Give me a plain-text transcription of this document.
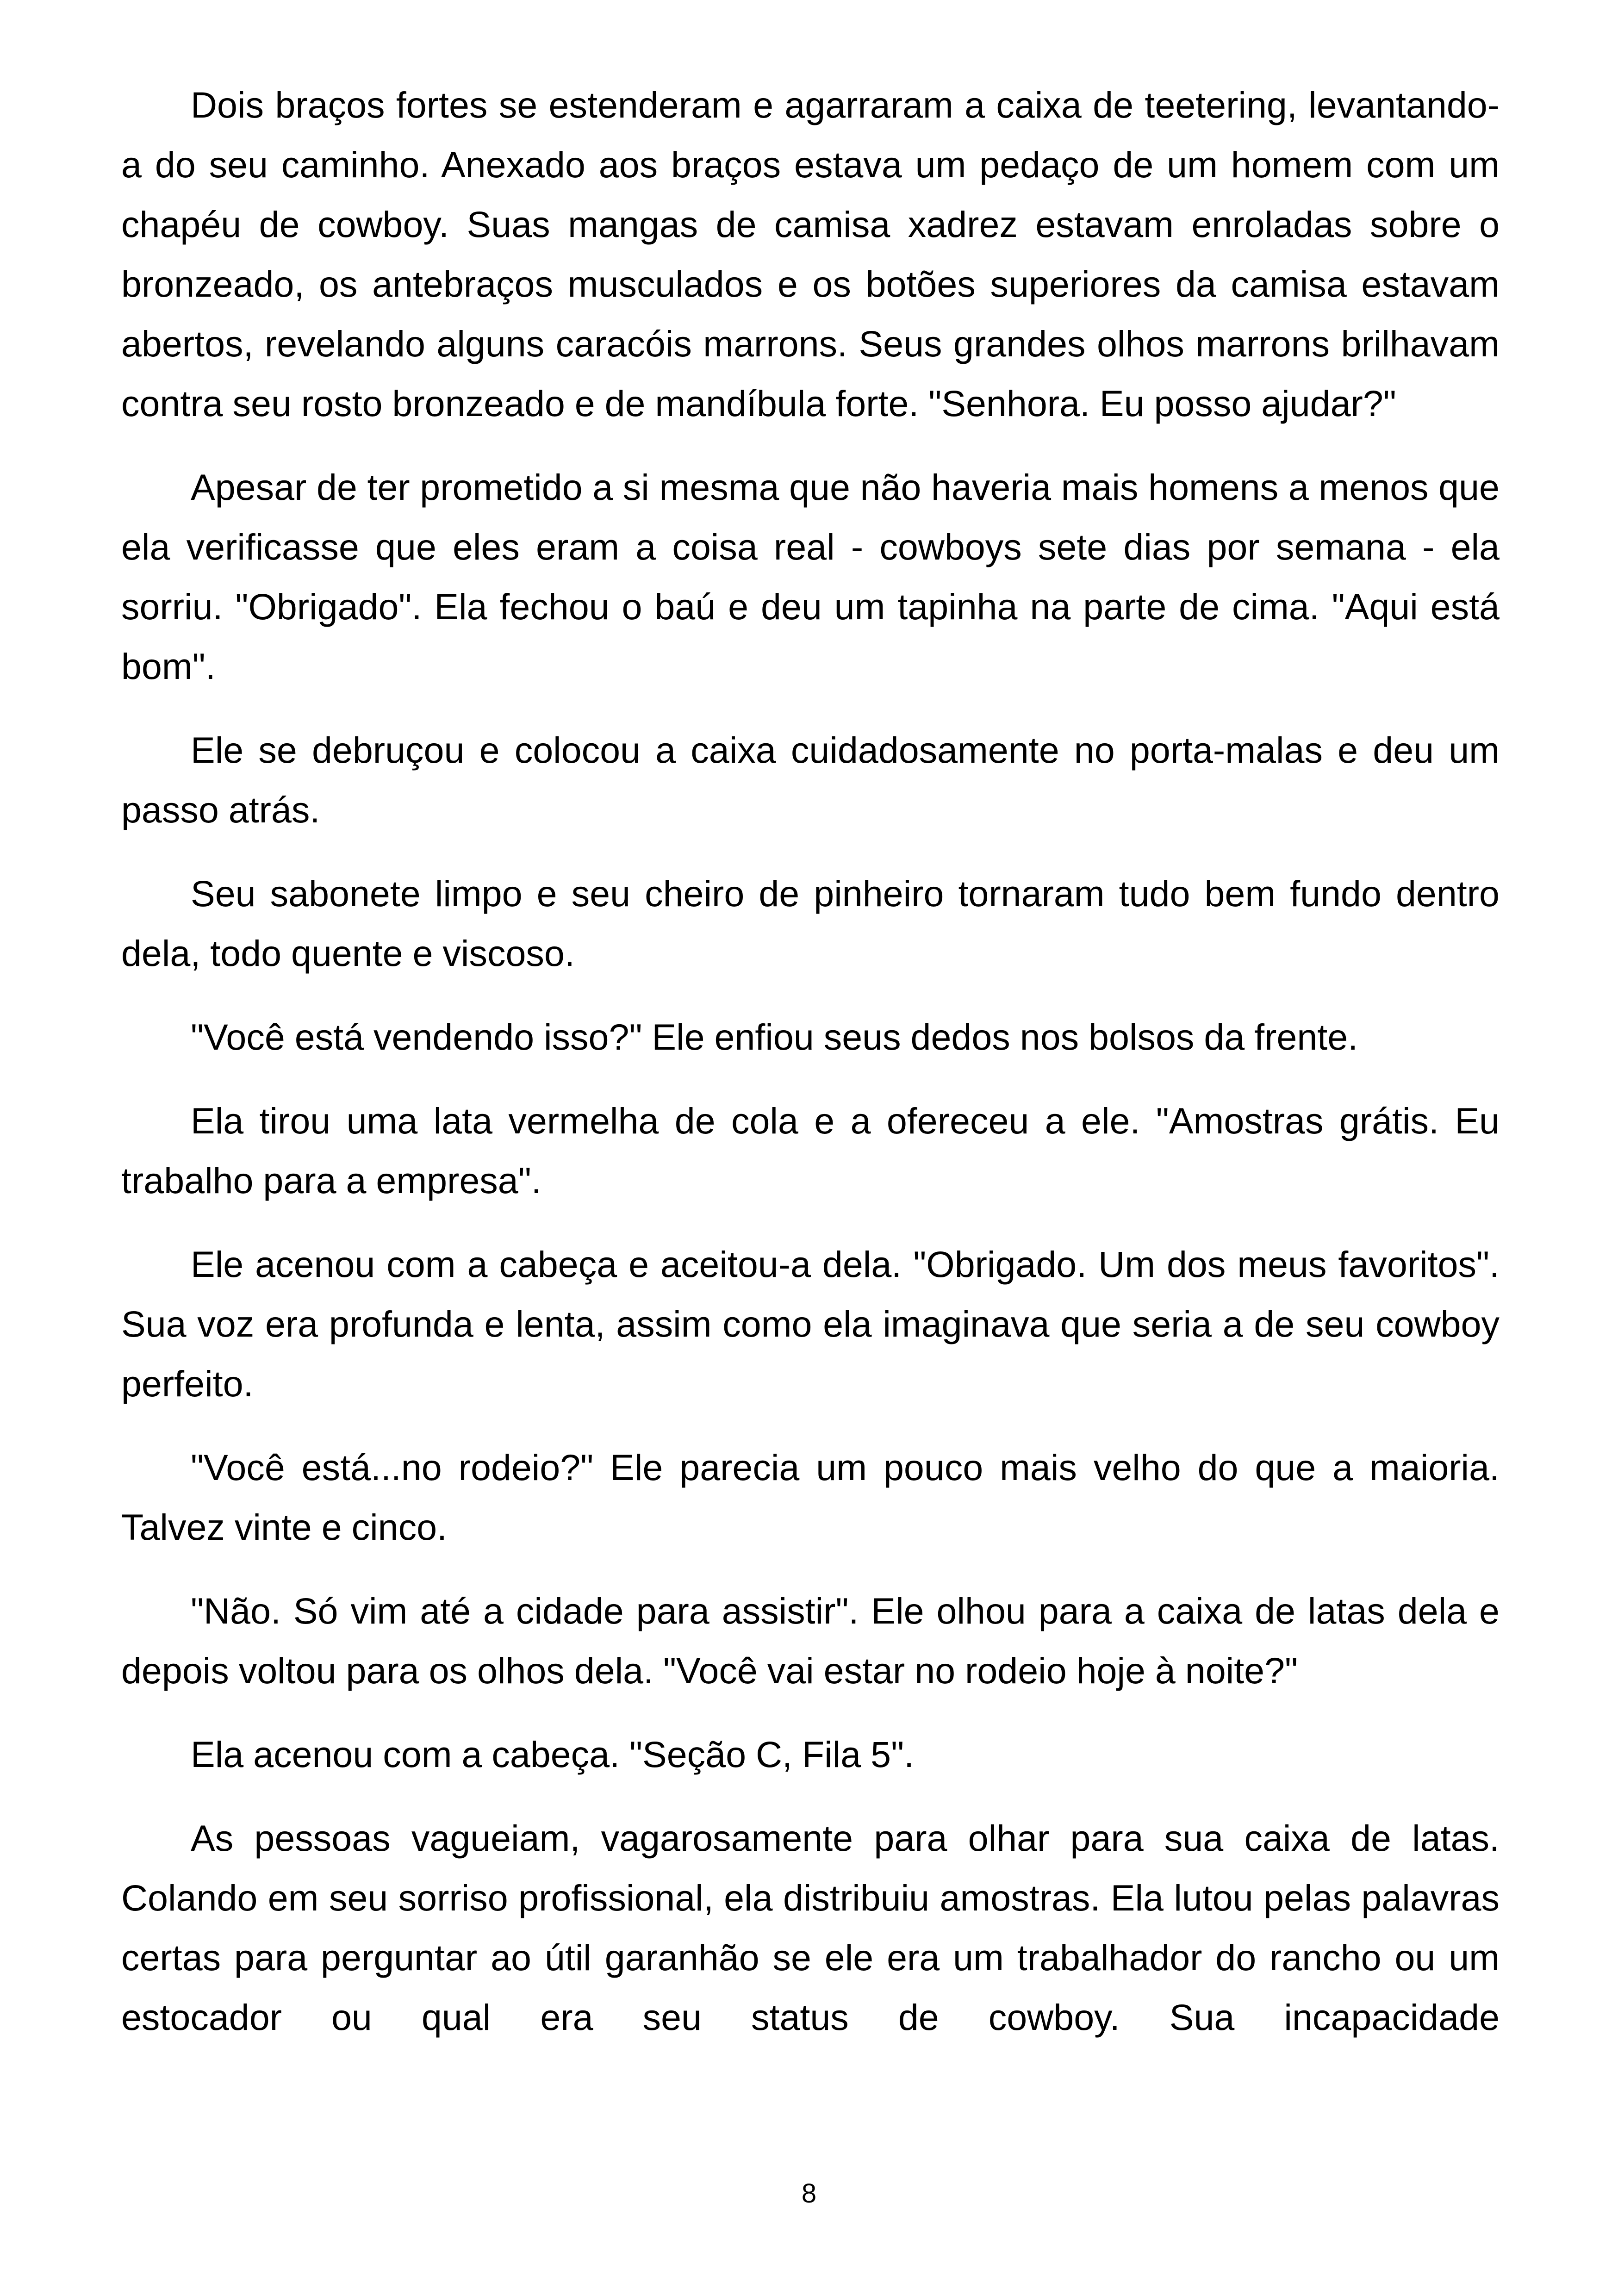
Dois braços fortes se estenderam e agarraram a caixa de teetering, levantando-a do seu caminho. Anexado aos braços estava um pedaço de um homem com um chapéu de cowboy. Suas mangas de camisa xadrez estavam enroladas sobre o bronzeado, os antebraços musculados e os botões superiores da camisa estavam abertos, revelando alguns caracóis marrons. Seus grandes olhos marrons brilhavam contra seu rosto bronzeado e de mandíbula forte. "Senhora. Eu posso ajudar?"

Apesar de ter prometido a si mesma que não haveria mais homens a menos que ela verificasse que eles eram a coisa real - cowboys sete dias por semana - ela sorriu. "Obrigado". Ela fechou o baú e deu um tapinha na parte de cima. "Aqui está bom".

Ele se debruçou e colocou a caixa cuidadosamente no porta-malas e deu um passo atrás.

Seu sabonete limpo e seu cheiro de pinheiro tornaram tudo bem fundo dentro dela, todo quente e viscoso.

"Você está vendendo isso?" Ele enfiou seus dedos nos bolsos da frente.

Ela tirou uma lata vermelha de cola e a ofereceu a ele. "Amostras grátis. Eu trabalho para a empresa".

Ele acenou com a cabeça e aceitou-a dela. "Obrigado. Um dos meus favoritos". Sua voz era profunda e lenta, assim como ela imaginava que seria a de seu cowboy perfeito.

"Você está...no rodeio?" Ele parecia um pouco mais velho do que a maioria. Talvez vinte e cinco.

"Não. Só vim até a cidade para assistir". Ele olhou para a caixa de latas dela e depois voltou para os olhos dela. "Você vai estar no rodeio hoje à noite?"

Ela acenou com a cabeça. "Seção C, Fila 5".

As pessoas vagueiam, vagarosamente para olhar para sua caixa de latas. Colando em seu sorriso profissional, ela distribuiu amostras. Ela lutou pelas palavras certas para perguntar ao útil garanhão se ele era um trabalhador do rancho ou um estocador ou qual era seu status de cowboy. Sua incapacidade

8
